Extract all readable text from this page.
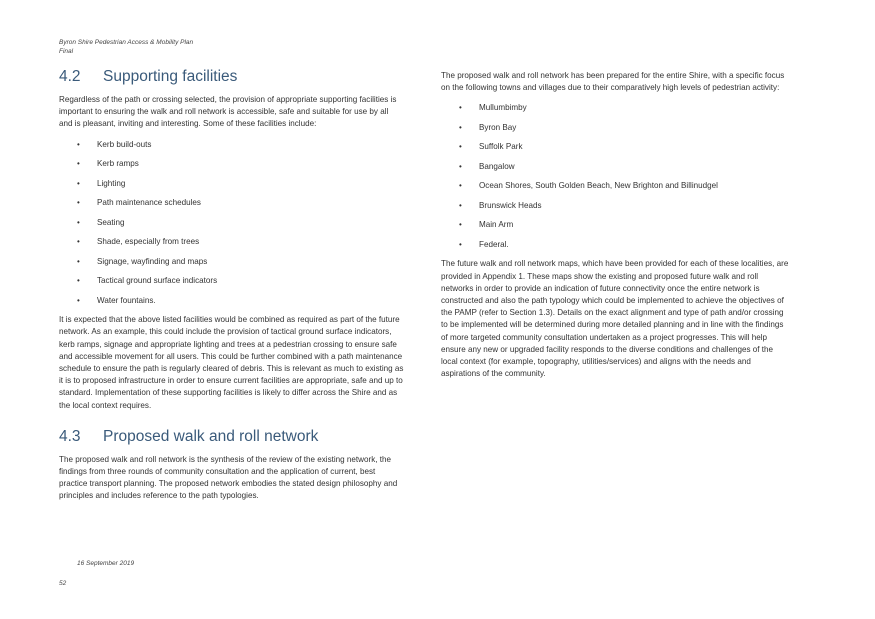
Byron Shire Pedestrian Access & Mobility Plan
Final
4.2	Supporting facilities

Regardless of the path or crossing selected, the provision of appropriate supporting facilities is important to ensuring the walk and roll network is accessible, safe and suitable for use by all and is pleasant, inviting and interesting. Some of these facilities include:

• Kerb build-outs
• Kerb ramps
• Lighting
• Path maintenance schedules
• Seating
• Shade, especially from trees
• Signage, wayfinding and maps
• Tactical ground surface indicators
• Water fountains.

It is expected that the above listed facilities would be combined as required as part of the future network. As an example, this could include the provision of tactical ground surface indicators, kerb ramps, signage and appropriate lighting and trees at a pedestrian crossing to ensure safe and accessible movement for all users. This could be further combined with a path maintenance schedule to ensure the path is regularly cleared of debris. This is relevant as much to existing as it is to proposed infrastructure in order to ensure current facilities are appropriate, safe and up to standard. Implementation of these supporting facilities is likely to differ across the Shire and as the local context requires.

4.3	Proposed walk and roll network

The proposed walk and roll network is the synthesis of the review of the existing network, the findings from three rounds of community consultation and the application of current, best practice transport planning. The proposed network embodies the stated design philosophy and principles and includes reference to the path typologies.

The proposed walk and roll network has been prepared for the entire Shire, with a specific focus on the following towns and villages due to their comparatively high levels of pedestrian activity:

• Mullumbimby
• Byron Bay
• Suffolk Park
• Bangalow
• Ocean Shores, South Golden Beach, New Brighton and Billinudgel
• Brunswick Heads
• Main Arm
• Federal.

The future walk and roll network maps, which have been provided for each of these localities, are provided in Appendix 1. These maps show the existing and proposed future walk and roll networks in order to provide an indication of future connectivity once the entire network is constructed and also the path typology which could be implemented to achieve the objectives of the PAMP (refer to Section 1.3). Details on the exact alignment and type of path and/or crossing to be implemented will be determined during more detailed planning and in line with the findings of more targeted community consultation undertaken as a project progresses. This will help ensure any new or upgraded facility responds to the diverse conditions and challenges of the local context (for example, topography, utilities/services) and aligns with the needs and aspirations of the community.

16 September 2019
52
